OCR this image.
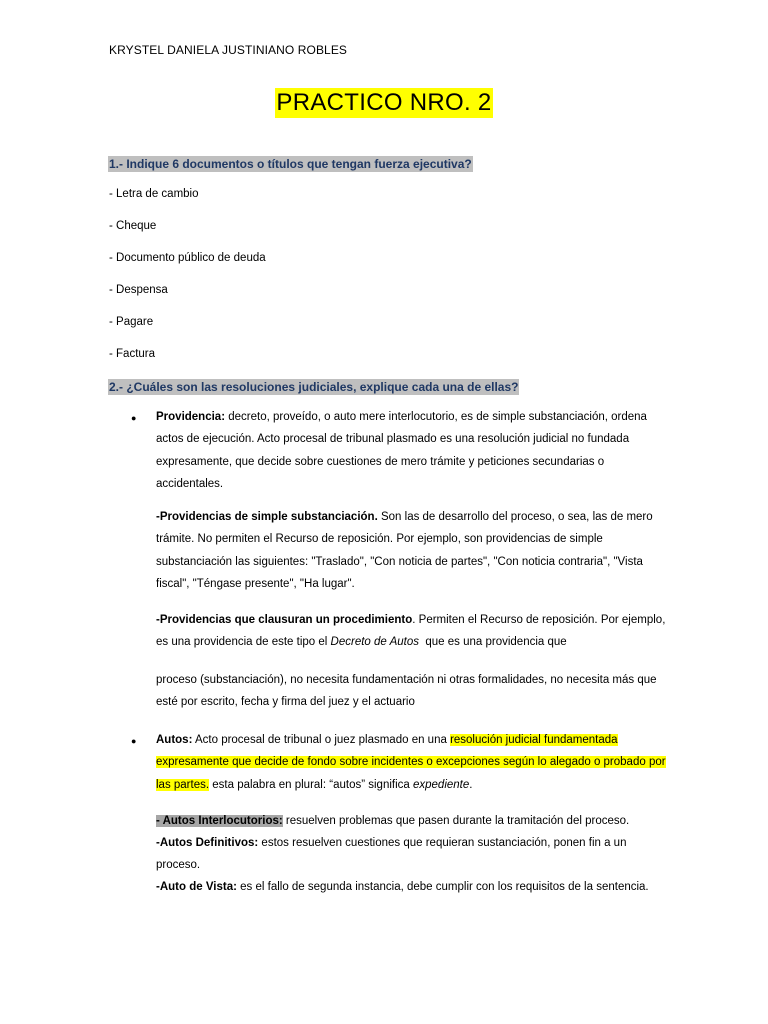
KRYSTEL DANIELA JUSTINIANO ROBLES
PRACTICO NRO. 2
1.- Indique 6 documentos o títulos que tengan fuerza ejecutiva?
- Letra de cambio
- Cheque
- Documento público de deuda
- Despensa
- Pagare
- Factura
2.- ¿Cuáles son las resoluciones judiciales, explique cada una de ellas?
● Providencia: decreto, proveído, o auto mere interlocutorio, es de simple substanciación, ordena actos de ejecución. Acto procesal de tribunal plasmado es una resolución judicial no fundada expresamente, que decide sobre cuestiones de mero trámite y peticiones secundarias o accidentales.
-Providencias de simple substanciación. Son las de desarrollo del proceso, o sea, las de mero trámite. No permiten el Recurso de reposición. Por ejemplo, son providencias de simple substanciación las siguientes: "Traslado", "Con noticia de partes", "Con noticia contraria", "Vista fiscal", "Téngase presente", "Ha lugar".
-Providencias que clausuran un procedimiento. Permiten el Recurso de reposición. Por ejemplo, es una providencia de este tipo el Decreto de Autos  que es una providencia que
proceso (substanciación), no necesita fundamentación ni otras formalidades, no necesita más que esté por escrito, fecha y firma del juez y el actuario
● Autos: Acto procesal de tribunal o juez plasmado en una resolución judicial fundamentada expresamente que decide de fondo sobre incidentes o excepciones según lo alegado o probado por las partes. esta palabra en plural: “autos” significa expediente.
- Autos Interlocutorios: resuelven problemas que pasen durante la tramitación del proceso.
-Autos Definitivos: estos resuelven cuestiones que requieran sustanciación, ponen fin a un proceso.
-Auto de Vista: es el fallo de segunda instancia, debe cumplir con los requisitos de la sentencia.
